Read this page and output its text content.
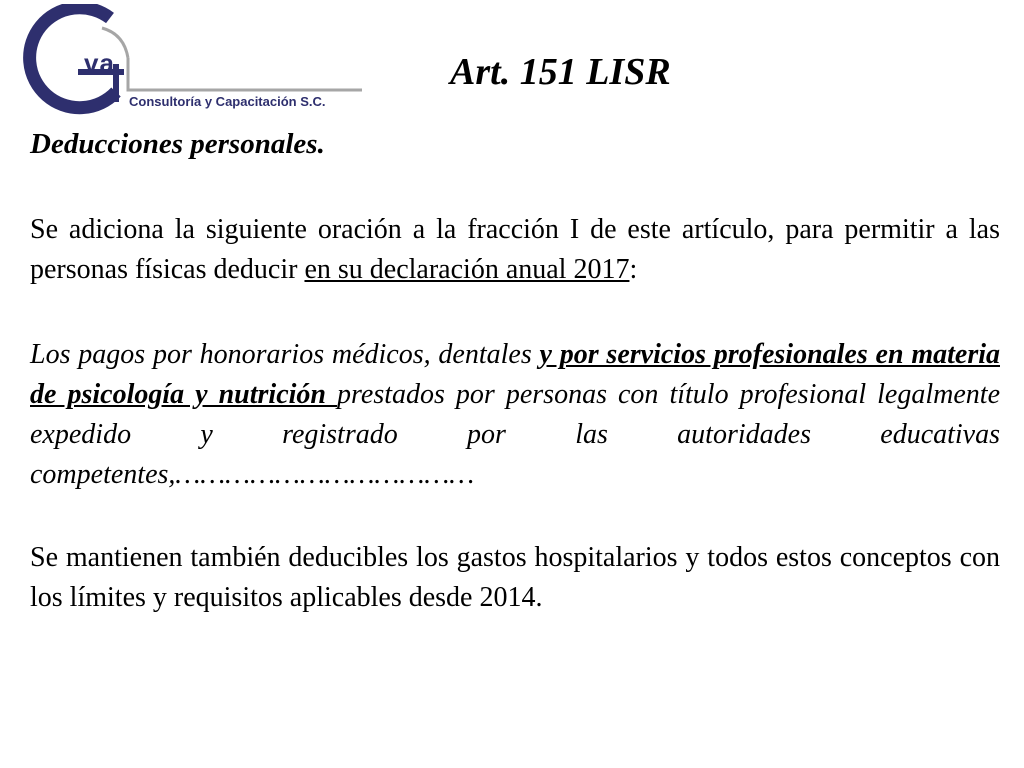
va
Consultoría y Capacitación S.C.
Art. 151 LISR
Deducciones personales.

Se adiciona la siguiente oración a la fracción I de este artículo, para permitir a las personas físicas deducir en su declaración anual 2017:

Los pagos por honorarios médicos, dentales y por servicios profesionales en materia de psicología y nutrición prestados por personas con título profesional legalmente expedido y registrado por las autoridades educativas competentes,………………………………

Se mantienen también deducibles los gastos hospitalarios y todos estos conceptos con los límites y requisitos aplicables desde 2014.
